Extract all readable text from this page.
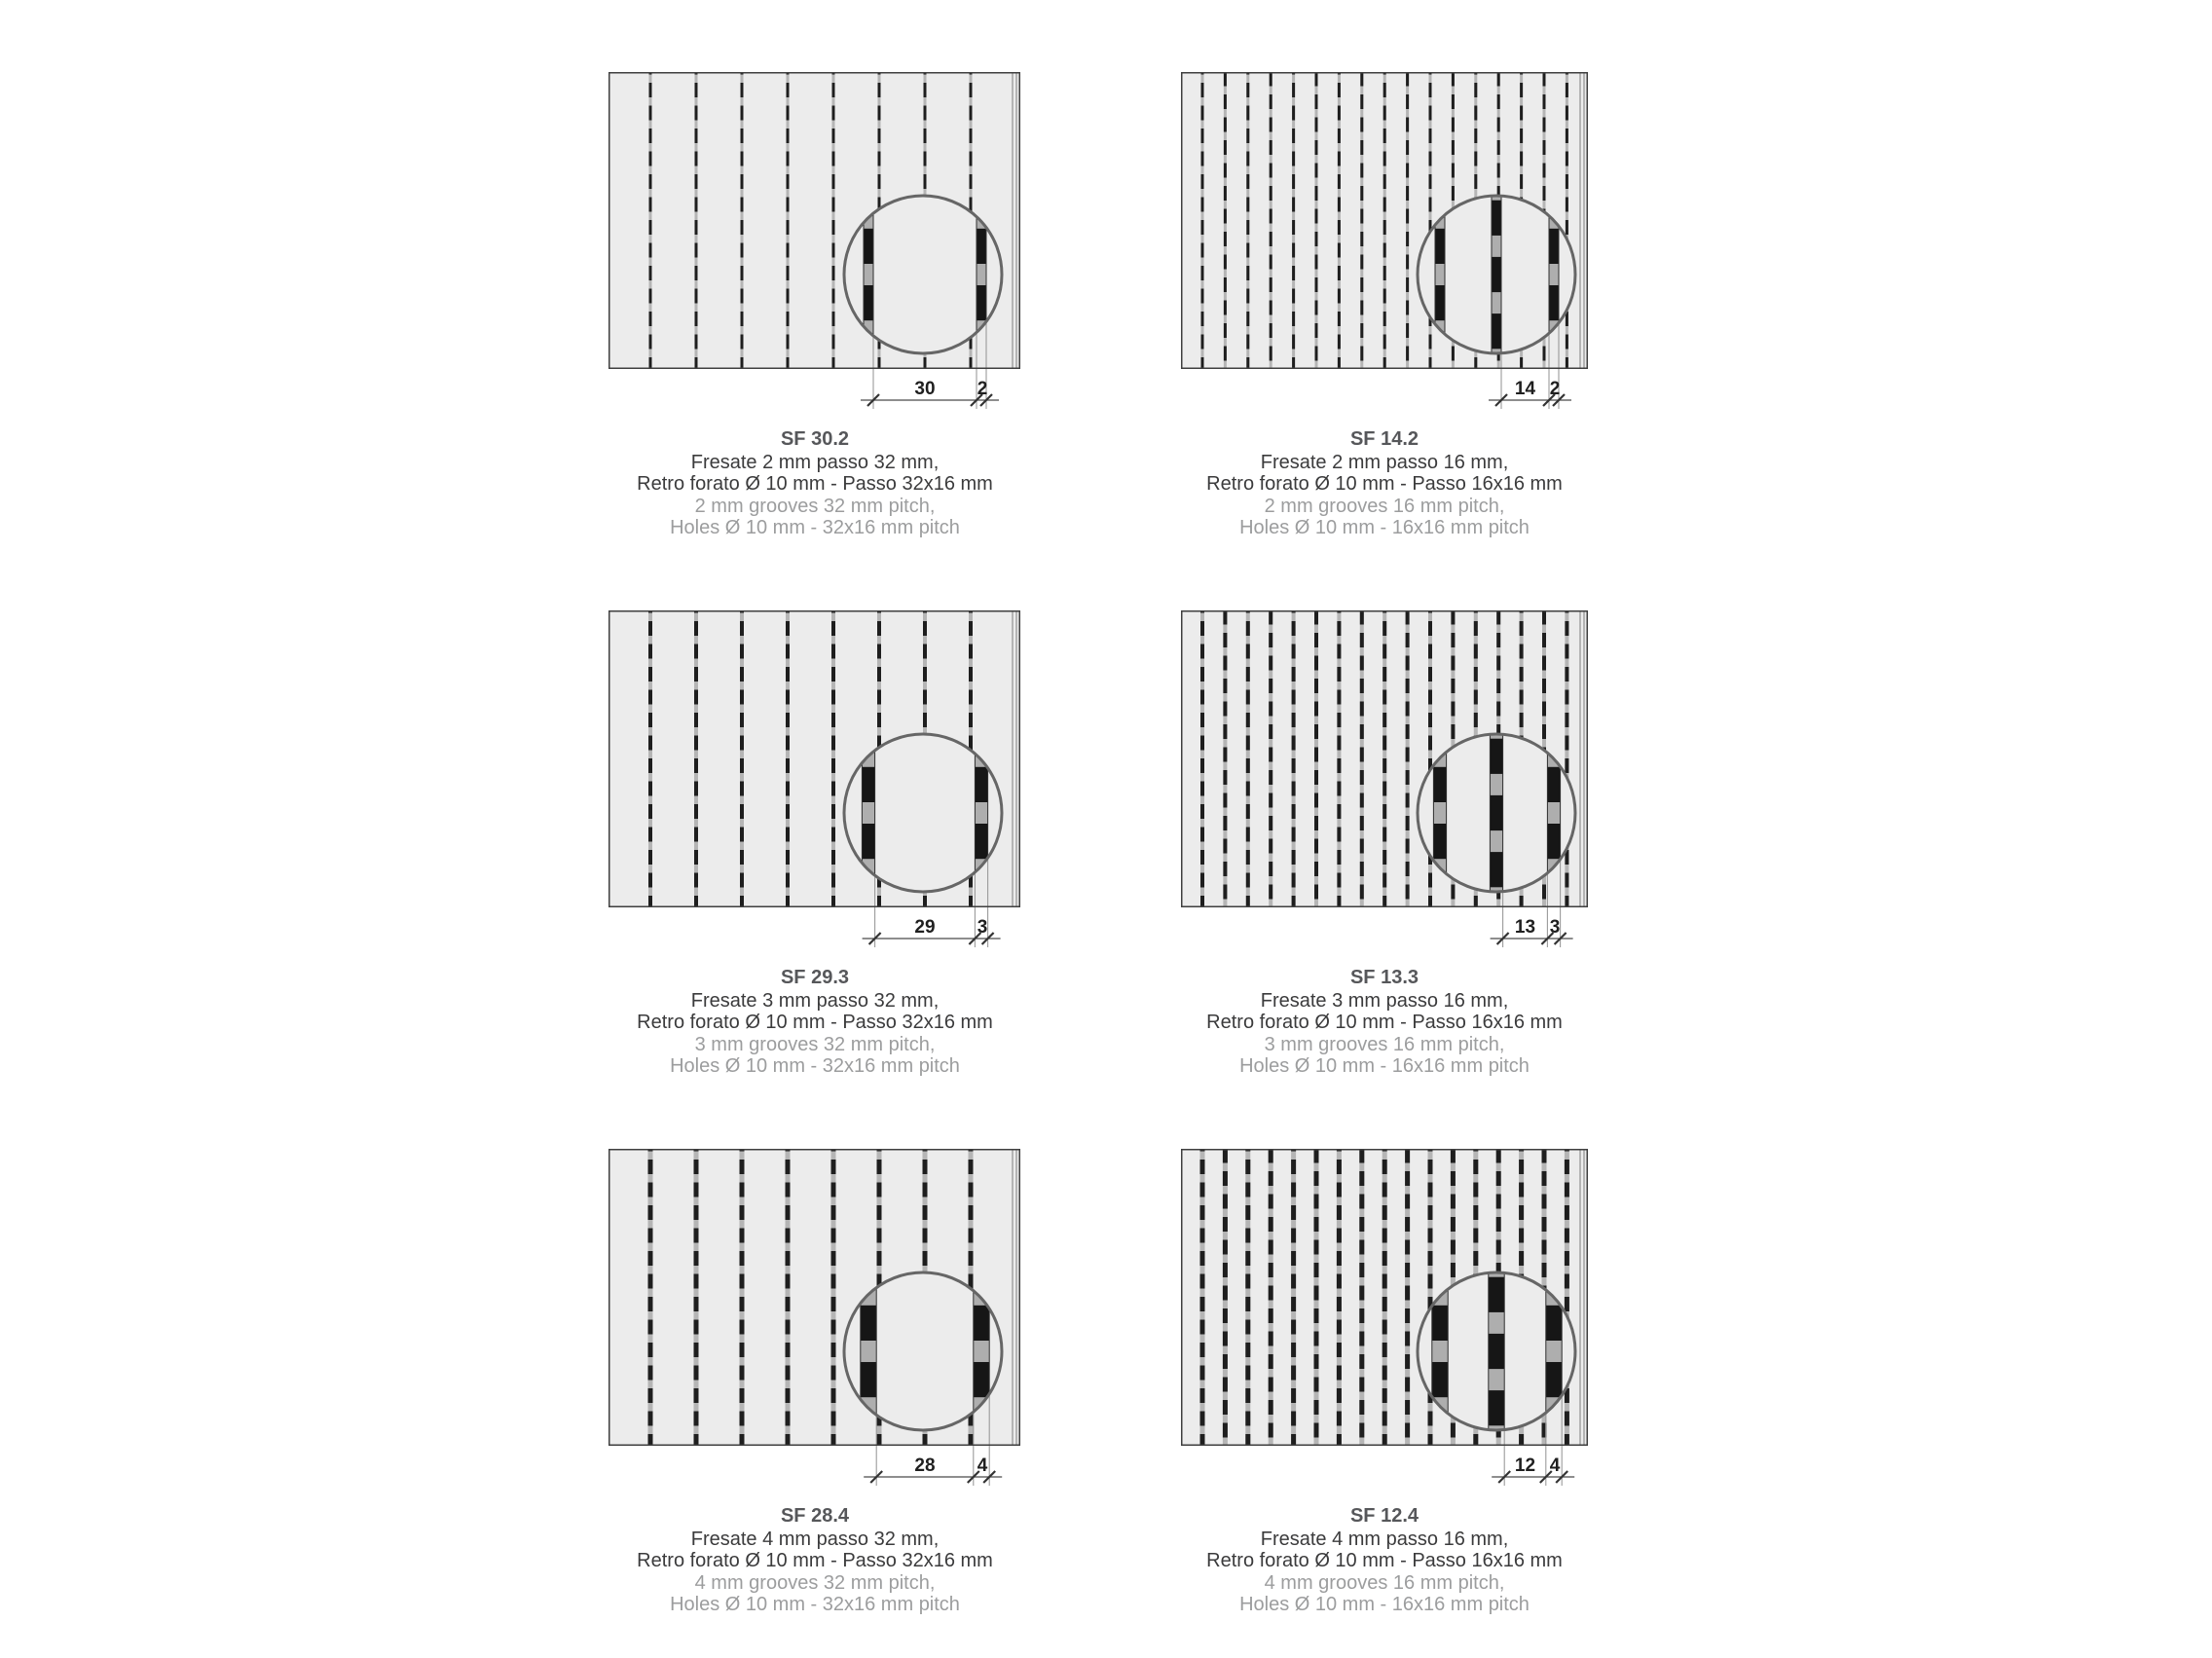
30 2
SF 30.2
Fresate 2 mm passo 32 mm,
Retro forato Ø 10 mm - Passo 32x16 mm
2 mm grooves 32 mm pitch,
Holes Ø 10 mm - 32x16 mm pitch
14 2
SF 14.2
Fresate 2 mm passo 16 mm,
Retro forato Ø 10 mm - Passo 16x16 mm
2 mm grooves 16 mm pitch,
Holes Ø 10 mm - 16x16 mm pitch
29 3
SF 29.3
Fresate 3 mm passo 32 mm,
Retro forato Ø 10 mm - Passo 32x16 mm
3 mm grooves 32 mm pitch,
Holes Ø 10 mm - 32x16 mm pitch
13 3
SF 13.3
Fresate 3 mm passo 16 mm,
Retro forato Ø 10 mm - Passo 16x16 mm
3 mm grooves 16 mm pitch,
Holes Ø 10 mm - 16x16 mm pitch
28 4
SF 28.4
Fresate 4 mm passo 32 mm,
Retro forato Ø 10 mm - Passo 32x16 mm
4 mm grooves 32 mm pitch,
Holes Ø 10 mm - 32x16 mm pitch
12 4
SF 12.4
Fresate 4 mm passo 16 mm,
Retro forato Ø 10 mm - Passo 16x16 mm
4 mm grooves 16 mm pitch,
Holes Ø 10 mm - 16x16 mm pitch
